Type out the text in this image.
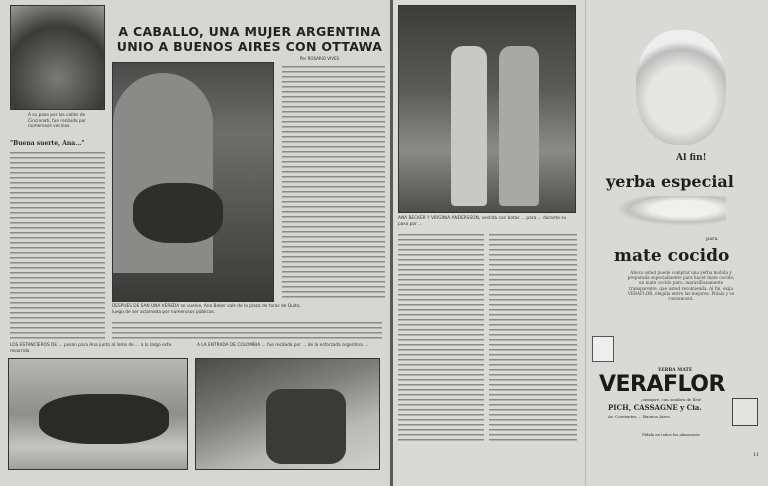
A su paso por las calles de Cincinnati, fue recibida por numerosos vecinos.
A CABALLO, UNA MUJER ARGENTINA
UNIO A BUENOS AIRES CON OTTAWA
Por ROSARIO VIVES
"Buena suerte, Ana..."
DESPUES DE SAN UNA VEREDA se vuelve, Ana Beker sale de la plaza de toros de Quito, luego de ser aclamada por numerosos públicos.
LOS ESTANCIEROS DE ... posan para Ana junto al lomo de ... a lo largo este recorrido.
A LA ENTRADA DE COLOMBIA ... fue recibida por ... de la esforzada argentina ...
ANA BECKER Y VIRGINIA ANDERSSON, vestida con botas ... para ... durante su paso por ...
Al fin!
yerba especial
para
mate cocido
Ahora usted puede comprar una yerba molida y preparada especialmente para hacer mate cocido; un mate cocido puro, maravillosamente transparente, que usted recomienda. Al fin, exija VERAFLOR, elegida entre las mejores. Pídala y se convencerá.
YERBA MATE
VERAFLOR
¡siempre, con sombra de Ilex!
PICH, CASSAGNE y Cia.
Av. Corrientes ... Buenos Aires
Pídala en todos los almacenes
11
